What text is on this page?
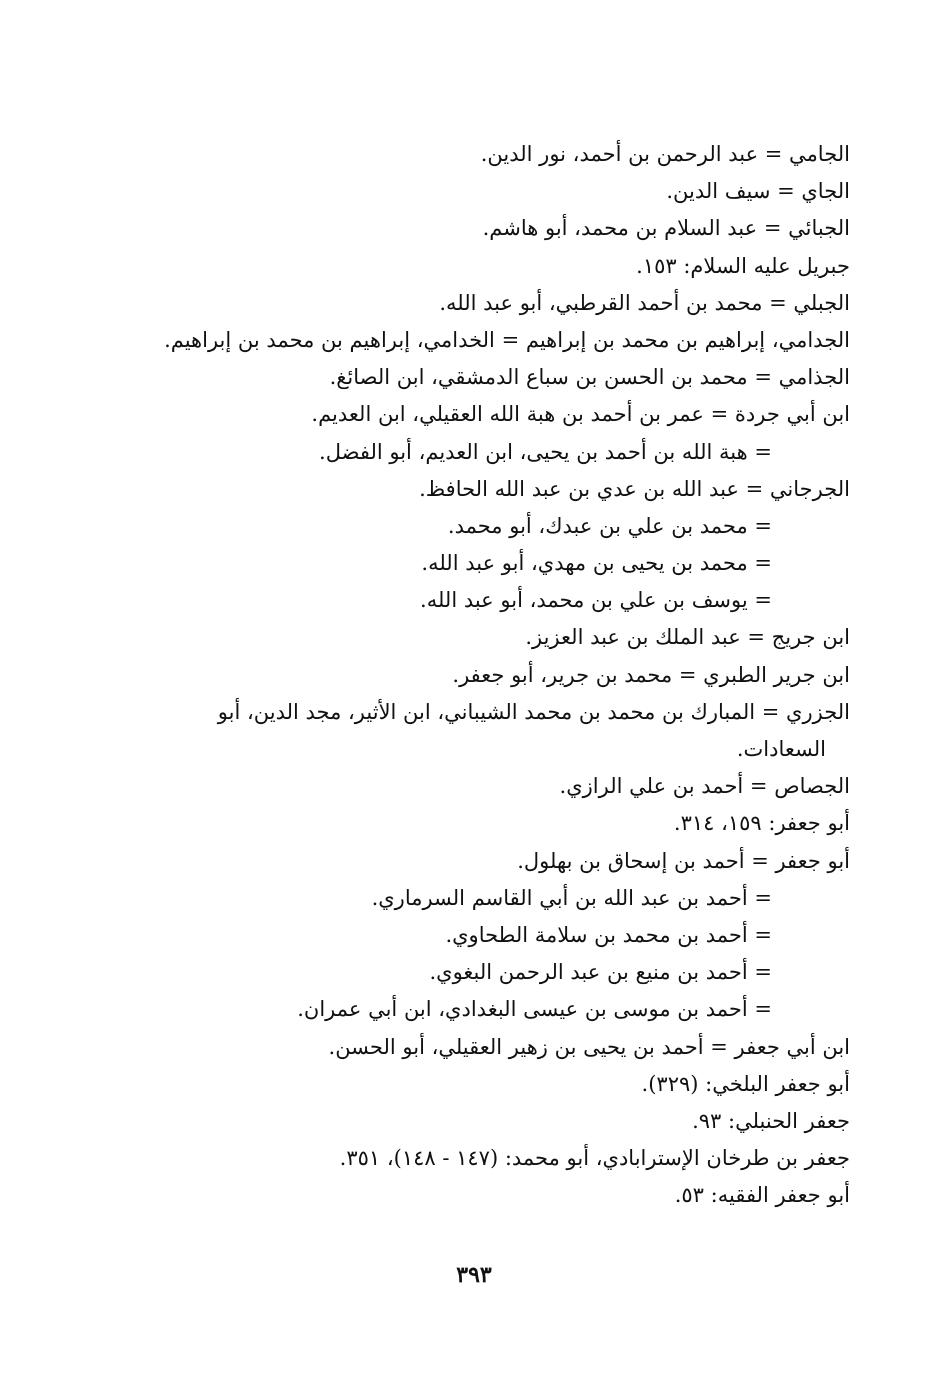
الجامي = عبد الرحمن بن أحمد، نور الدين.
الجاي = سيف الدين.
الجبائي = عبد السلام بن محمد، أبو هاشم.
جبريل عليه السلام: ١٥٣.
الجبلي = محمد بن أحمد القرطبي، أبو عبد الله.
الجدامي، إبراهيم بن محمد بن إبراهيم = الخدامي، إبراهيم بن محمد بن إبراهيم.
الجذامي = محمد بن الحسن بن سباع الدمشقي، ابن الصائغ.
ابن أبي جردة = عمر بن أحمد بن هبة الله العقيلي، ابن العديم.
= هبة الله بن أحمد بن يحيى، ابن العديم، أبو الفضل.
الجرجاني = عبد الله بن عدي بن عبد الله الحافظ.
= محمد بن علي بن عبدك، أبو محمد.
= محمد بن يحيى بن مهدي، أبو عبد الله.
= يوسف بن علي بن محمد، أبو عبد الله.
ابن جريج = عبد الملك بن عبد العزيز.
ابن جرير الطبري = محمد بن جرير، أبو جعفر.
الجزري = المبارك بن محمد بن محمد الشيباني، ابن الأثير، مجد الدين، أبو
السعادات.
الجصاص = أحمد بن علي الرازي.
أبو جعفر: ١٥٩، ٣١٤.
أبو جعفر = أحمد بن إسحاق بن بهلول.
= أحمد بن عبد الله بن أبي القاسم السرماري.
= أحمد بن محمد بن سلامة الطحاوي.
= أحمد بن منيع بن عبد الرحمن البغوي.
= أحمد بن موسى بن عيسى البغدادي، ابن أبي عمران.
ابن أبي جعفر = أحمد بن يحيى بن زهير العقيلي، أبو الحسن.
أبو جعفر البلخي: (٣٢٩).
جعفر الحنبلي: ٩٣.
جعفر بن طرخان الإسترابادي، أبو محمد: (١٤٧ - ١٤٨)، ٣٥١.
أبو جعفر الفقيه: ٥٣.
٣٩٣
